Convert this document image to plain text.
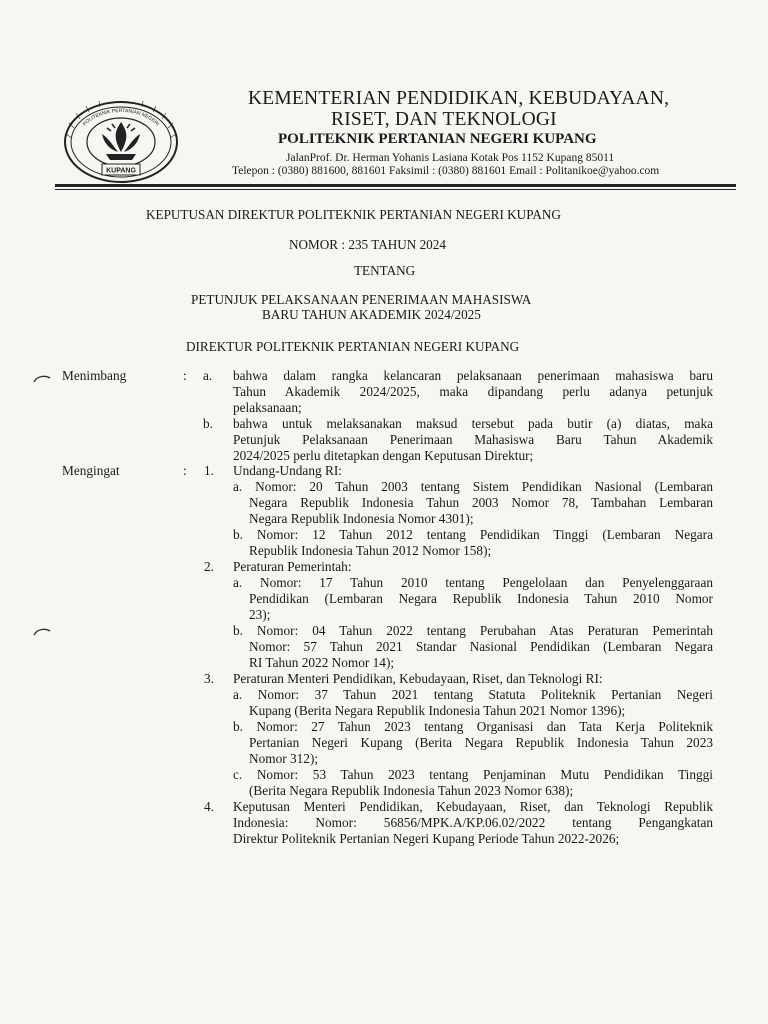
KUPANG
POLITEKNIK PERTANIAN NEGERI
KEMENTERIAN PENDIDIKAN, KEBUDAYAAN,
RISET, DAN TEKNOLOGI
POLITEKNIK PERTANIAN NEGERI KUPANG
JalanProf. Dr. Herman Yohanis Lasiana Kotak Pos 1152 Kupang 85011
Telepon : (0380) 881600, 881601 Faksimil : (0380) 881601 Email : Politanikoe@yahoo.com
KEPUTUSAN DIREKTUR POLITEKNIK PERTANIAN NEGERI KUPANG
NOMOR : 235 TAHUN 2024
TENTANG
PETUNJUK PELAKSANAAN PENERIMAAN MAHASISWA
BARU TAHUN AKADEMIK 2024/2025
DIREKTUR POLITEKNIK PERTANIAN NEGERI KUPANG
Menimbang	: a. bahwa dalam rangka kelancaran pelaksanaan penerimaan mahasiswa baru
Tahun Akademik 2024/2025, maka dipandang perlu adanya petunjuk
pelaksanaan;
b. bahwa untuk melaksanakan maksud tersebut pada butir (a) diatas, maka
Petunjuk Pelaksanaan Penerimaan Mahasiswa Baru Tahun Akademik
2024/2025 perlu ditetapkan dengan Keputusan Direktur;
Mengingat	: 1. Undang-Undang RI:
a. Nomor: 20 Tahun 2003 tentang Sistem Pendidikan Nasional (Lembaran
Negara Republik Indonesia Tahun 2003 Nomor 78, Tambahan Lembaran
Negara Republik Indonesia Nomor 4301);
b. Nomor: 12 Tahun 2012 tentang Pendidikan Tinggi (Lembaran Negara
Republik Indonesia Tahun 2012 Nomor 158);
2. Peraturan Pemerintah:
a. Nomor: 17 Tahun 2010 tentang Pengelolaan dan Penyelenggaraan
Pendidikan (Lembaran Negara Republik Indonesia Tahun 2010 Nomor
23);
b. Nomor: 04 Tahun 2022 tentang Perubahan Atas Peraturan Pemerintah
Nomor: 57 Tahun 2021 Standar Nasional Pendidikan (Lembaran Negara
RI Tahun 2022 Nomor 14);
3. Peraturan Menteri Pendidikan, Kebudayaan, Riset, dan Teknologi RI:
a. Nomor: 37 Tahun 2021 tentang Statuta Politeknik Pertanian Negeri
Kupang (Berita Negara Republik Indonesia Tahun 2021 Nomor 1396);
b. Nomor: 27 Tahun 2023 tentang Organisasi dan Tata Kerja Politeknik
Pertanian Negeri Kupang (Berita Negara Republik Indonesia Tahun 2023
Nomor 312);
c. Nomor: 53 Tahun 2023 tentang Penjaminan Mutu Pendidikan Tinggi
(Berita Negara Republik Indonesia Tahun 2023 Nomor 638);
4. Keputusan Menteri Pendidikan, Kebudayaan, Riset, dan Teknologi Republik
Indonesia: Nomor: 56856/MPK.A/KP.06.02/2022 tentang Pengangkatan
Direktur Politeknik Pertanian Negeri Kupang Periode Tahun 2022-2026;
